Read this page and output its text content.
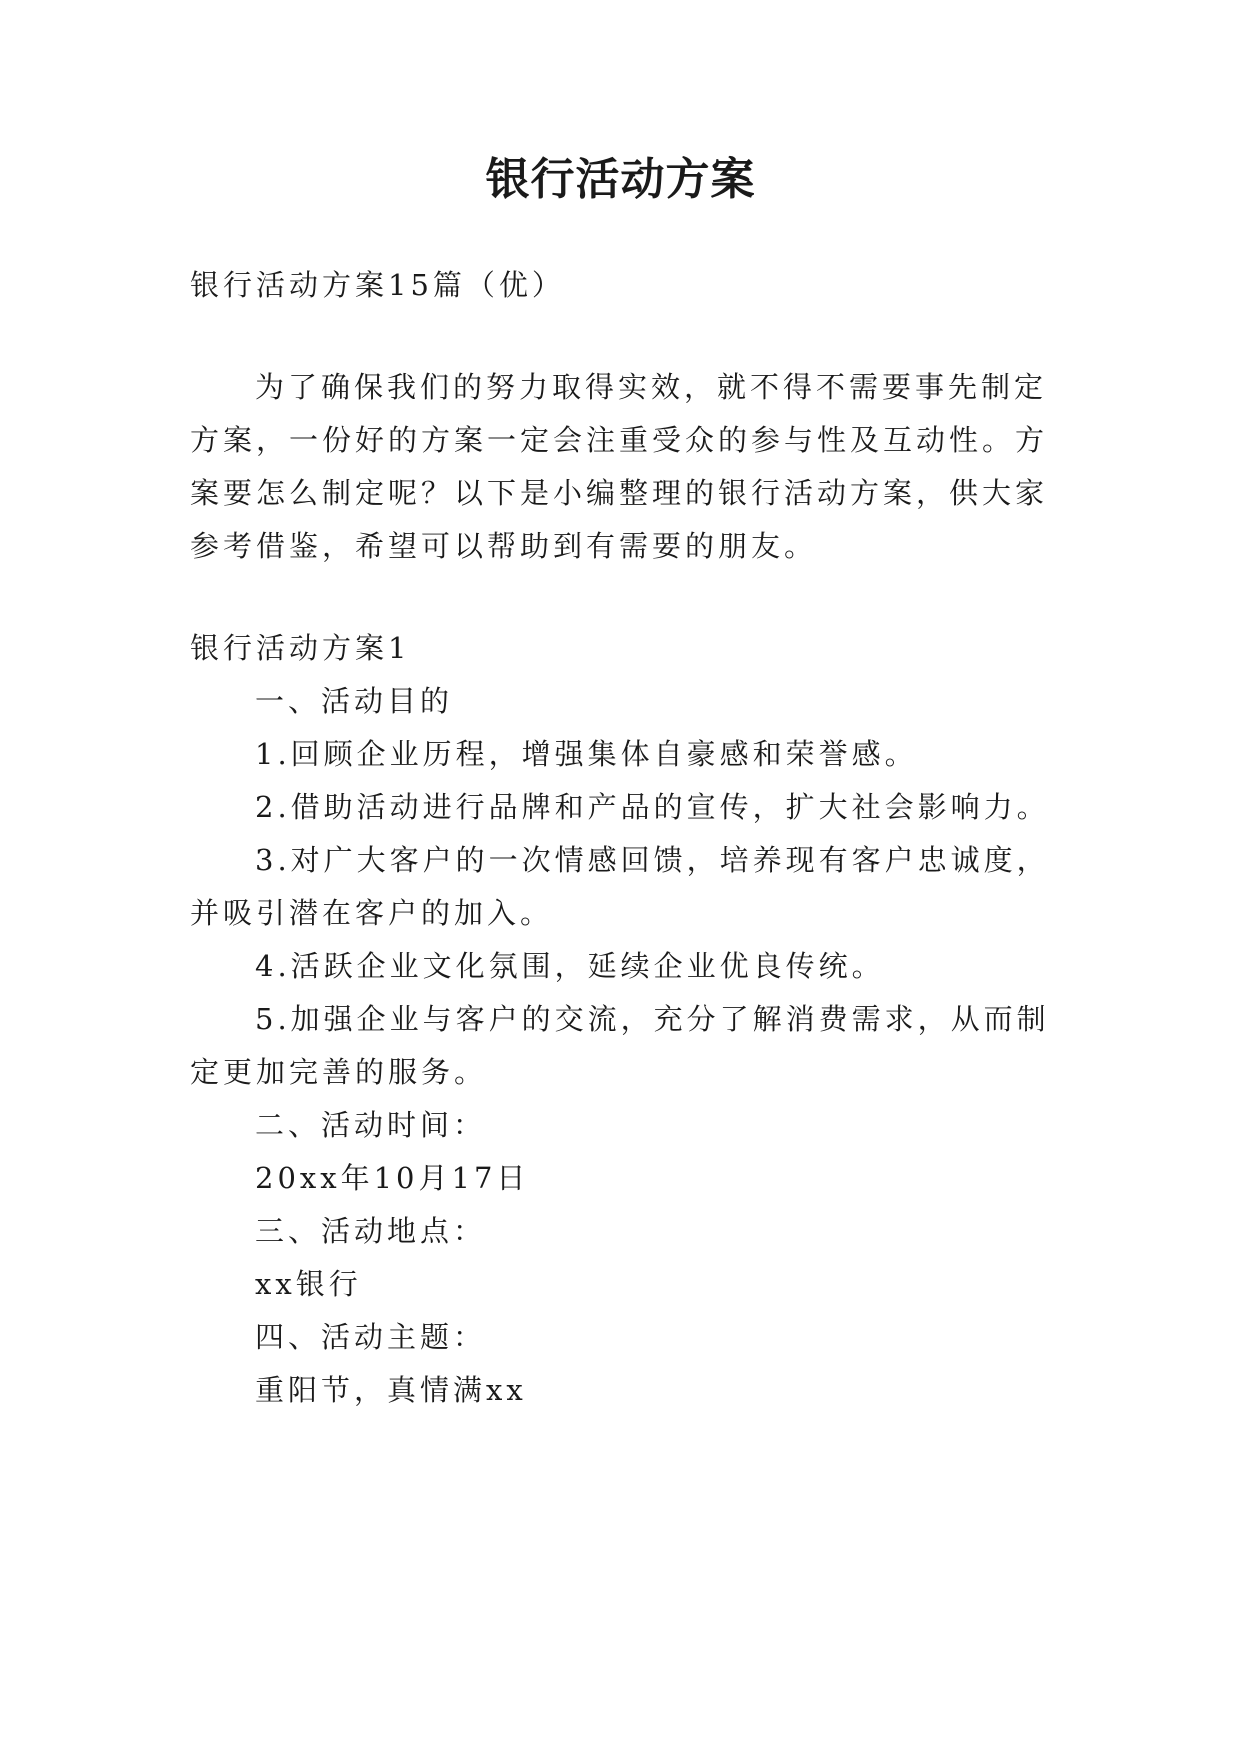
银行活动方案
银行活动方案15篇（优）
为了确保我们的努力取得实效，就不得不需要事先制定
方案，一份好的方案一定会注重受众的参与性及互动性。方
案要怎么制定呢？以下是小编整理的银行活动方案，供大家
参考借鉴，希望可以帮助到有需要的朋友。
银行活动方案1
一、活动目的
1.回顾企业历程，增强集体自豪感和荣誉感。
2.借助活动进行品牌和产品的宣传，扩大社会影响力。
3.对广大客户的一次情感回馈，培养现有客户忠诚度，
并吸引潜在客户的加入。
4.活跃企业文化氛围，延续企业优良传统。
5.加强企业与客户的交流，充分了解消费需求，从而制
定更加完善的服务。
二、活动时间：
20xx年10月17日
三、活动地点：
xx银行
四、活动主题：
重阳节，真情满xx
